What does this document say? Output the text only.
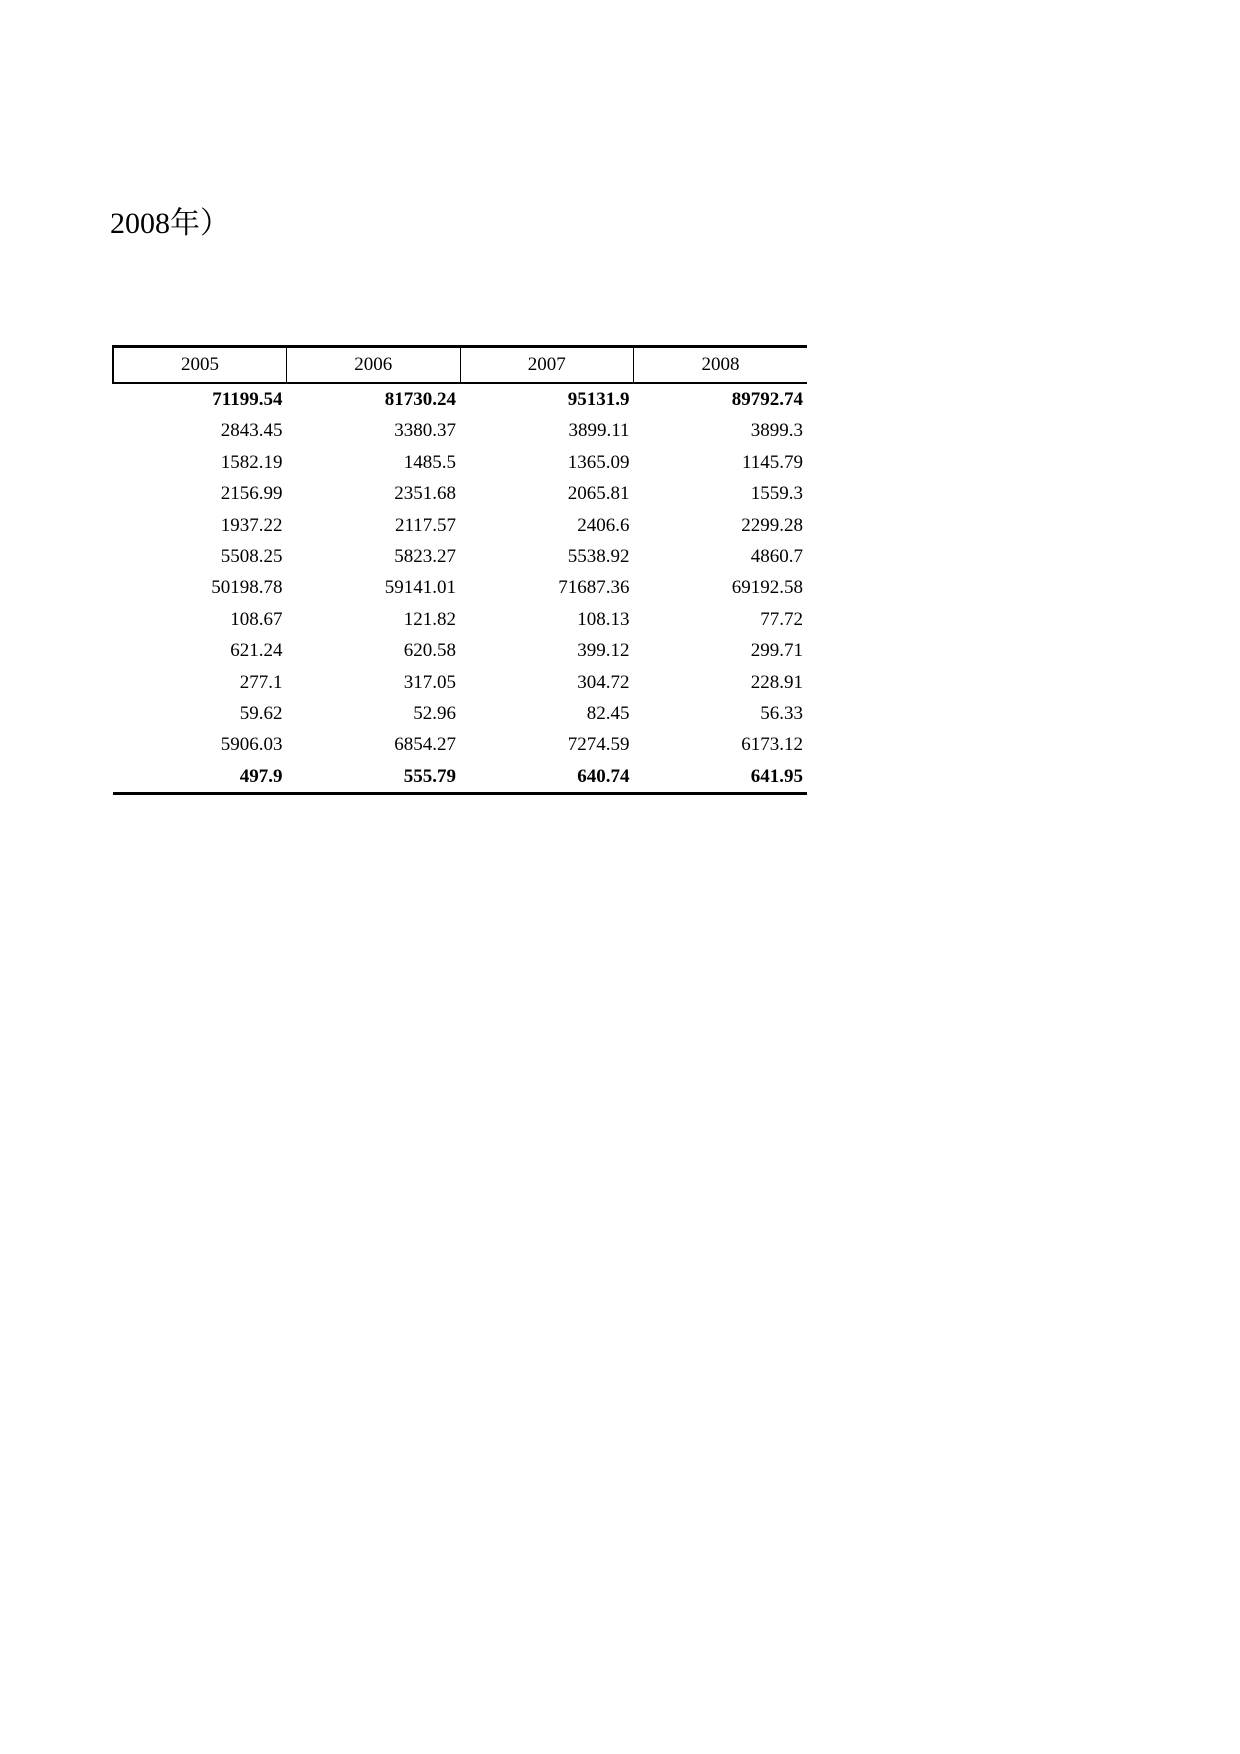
2008年）
2005	2006	2007	2008
71199.54	81730.24	95131.9	89792.74
2843.45	3380.37	3899.11	3899.3
1582.19	1485.5	1365.09	1145.79
2156.99	2351.68	2065.81	1559.3
1937.22	2117.57	2406.6	2299.28
5508.25	5823.27	5538.92	4860.7
50198.78	59141.01	71687.36	69192.58
108.67	121.82	108.13	77.72
621.24	620.58	399.12	299.71
277.1	317.05	304.72	228.91
59.62	52.96	82.45	56.33
5906.03	6854.27	7274.59	6173.12
497.9	555.79	640.74	641.95
